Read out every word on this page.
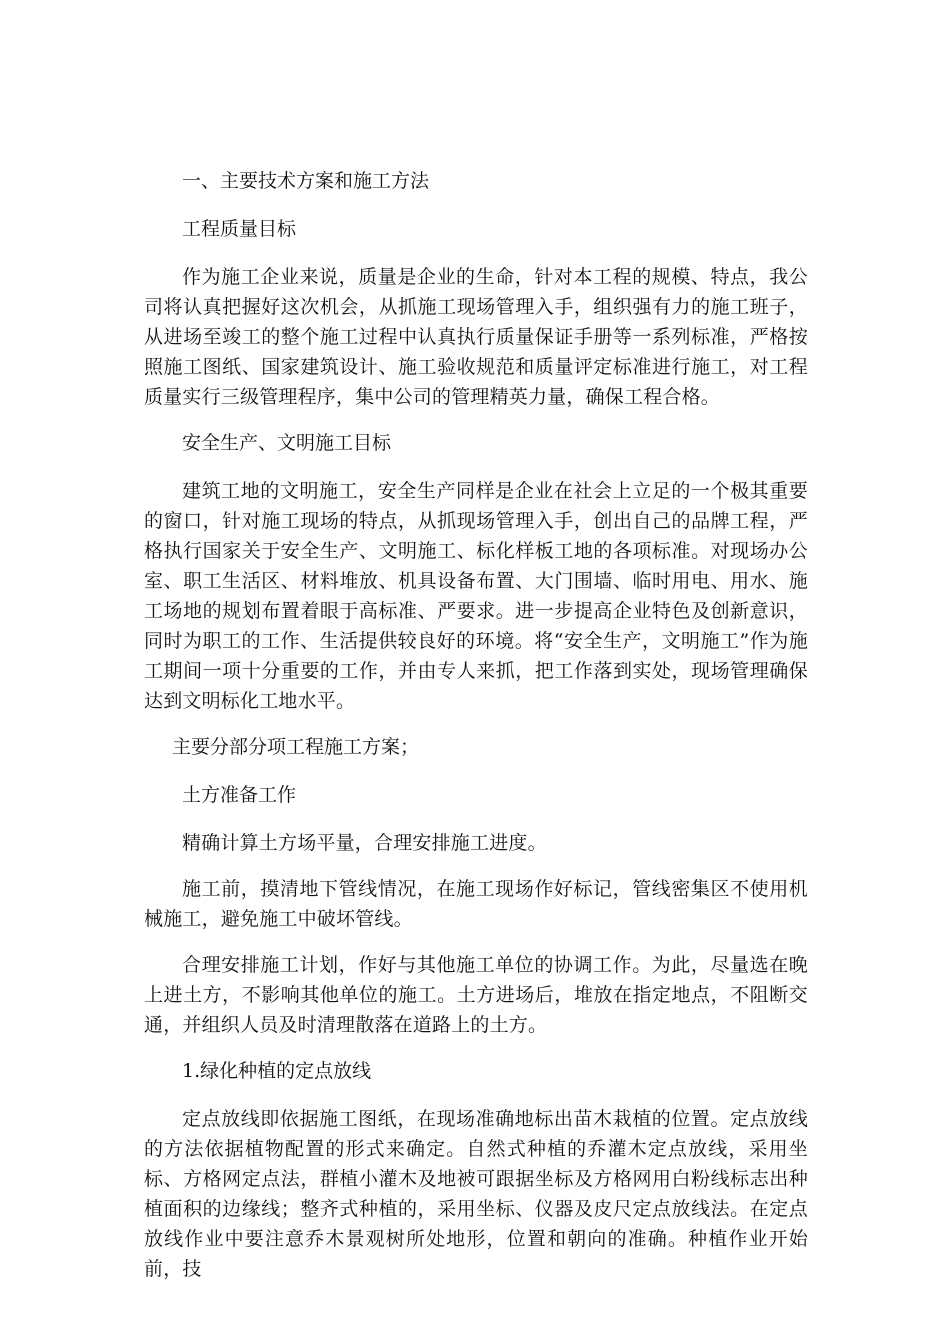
一、主要技术方案和施工方法

工程质量目标

作为施工企业来说，质量是企业的生命，针对本工程的规模、特点，我公司将认真把握好这次机会，从抓施工现场管理入手，组织强有力的施工班子，从进场至竣工的整个施工过程中认真执行质量保证手册等一系列标准，严格按照施工图纸、国家建筑设计、施工验收规范和质量评定标准进行施工，对工程质量实行三级管理程序，集中公司的管理精英力量，确保工程合格。

安全生产、文明施工目标

建筑工地的文明施工，安全生产同样是企业在社会上立足的一个极其重要的窗口，针对施工现场的特点，从抓现场管理入手，创出自己的品牌工程，严格执行国家关于安全生产、文明施工、标化样板工地的各项标准。对现场办公室、职工生活区、材料堆放、机具设备布置、大门围墙、临时用电、用水、施工场地的规划布置着眼于高标准、严要求。进一步提高企业特色及创新意识，同时为职工的工作、生活提供较良好的环境。将“安全生产，文明施工”作为施工期间一项十分重要的工作，并由专人来抓，把工作落到实处，现场管理确保达到文明标化工地水平。

主要分部分项工程施工方案；

土方准备工作

精确计算土方场平量，合理安排施工进度。

施工前，摸清地下管线情况，在施工现场作好标记，管线密集区不使用机械施工，避免施工中破坏管线。

合理安排施工计划，作好与其他施工单位的协调工作。为此，尽量选在晚上进土方，不影响其他单位的施工。土方进场后，堆放在指定地点，不阻断交通，并组织人员及时清理散落在道路上的土方。

1.绿化种植的定点放线

定点放线即依据施工图纸，在现场准确地标出苗木栽植的位置。定点放线的方法依据植物配置的形式来确定。自然式种植的乔灌木定点放线，采用坐标、方格网定点法，群植小灌木及地被可跟据坐标及方格网用白粉线标志出种植面积的边缘线；整齐式种植的，采用坐标、仪器及皮尺定点放线法。在定点放线作业中要注意乔木景观树所处地形，位置和朝向的准确。种植作业开始前，技
